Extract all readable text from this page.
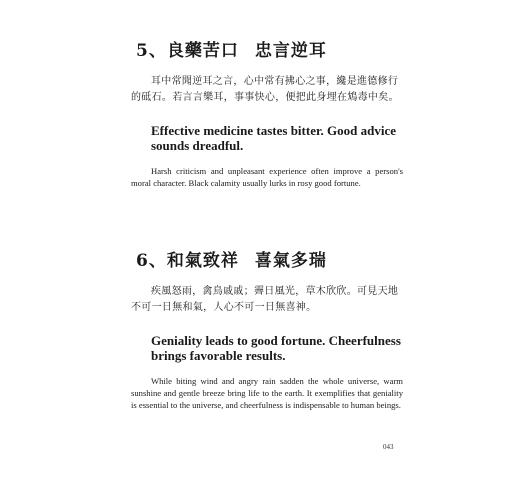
5、良藥苦口 忠言逆耳

耳中常聞逆耳之言，心中常有拂心之事，纔是進德修行的砥石。若言言樂耳，事事快心，便把此身埋在鴆毒中矣。

Effective medicine tastes bitter. Good advice sounds dreadful.

Harsh criticism and unpleasant experience often improve a person's moral character. Black calamity usually lurks in rosy good fortune.

6、和氣致祥 喜氣多瑞

疾風怒雨，禽鳥戚戚；霽日風光，草木欣欣。可見天地不可一日無和氣，人心不可一日無喜神。

Geniality leads to good fortune. Cheerfulness brings favorable results.

While biting wind and angry rain sadden the whole universe, warm sunshine and gentle breeze bring life to the earth. It exemplifies that geniality is essential to the universe, and cheerfulness is indispensable to human beings.

043
